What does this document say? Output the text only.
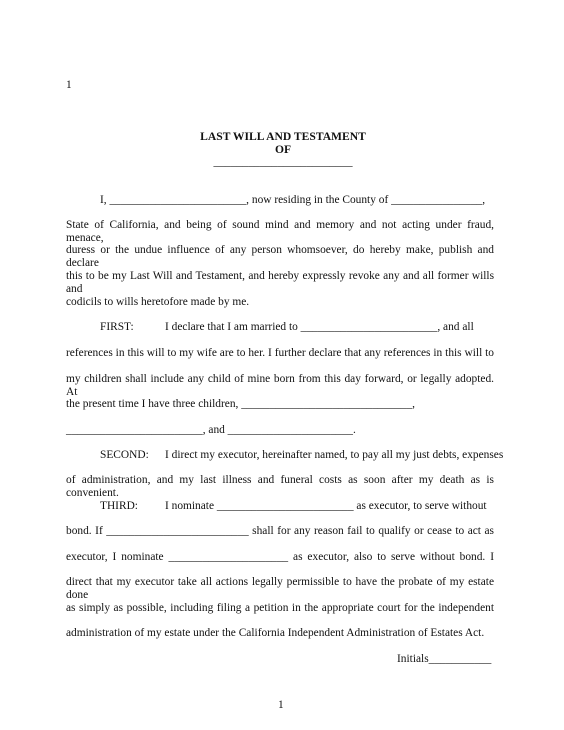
1
LAST WILL AND TESTAMENT
OF
________________________
I, ________________________, now residing in the County of ________________,
State of California, and being of sound mind and memory and not acting under fraud, menace,
duress or the undue influence of any person whomsoever, do hereby make, publish and declare
this to be my Last Will and Testament, and hereby expressly revoke any and all former wills and
codicils to wills heretofore made by me.
FIRST:	I declare that I am married to ________________________, and all
references in this will to my wife are to her. I further declare that any references in this will to
my children shall include any child of mine born from this day forward, or legally adopted. At
the present time I have three children, ______________________________,
________________________, and ______________________.
SECOND: I direct my executor, hereinafter named, to pay all my just debts, expenses
of administration, and my last illness and funeral costs as soon after my death as is convenient.
THIRD: I nominate ________________________ as executor, to serve without
bond. If _________________________ shall for any reason fail to qualify or cease to act as
executor, I nominate _____________________ as executor, also to serve without bond. I
direct that my executor take all actions legally permissible to have the probate of my estate done
as simply as possible, including filing a petition in the appropriate court for the independent
administration of my estate under the California Independent Administration of Estates Act.
Initials___________
1
